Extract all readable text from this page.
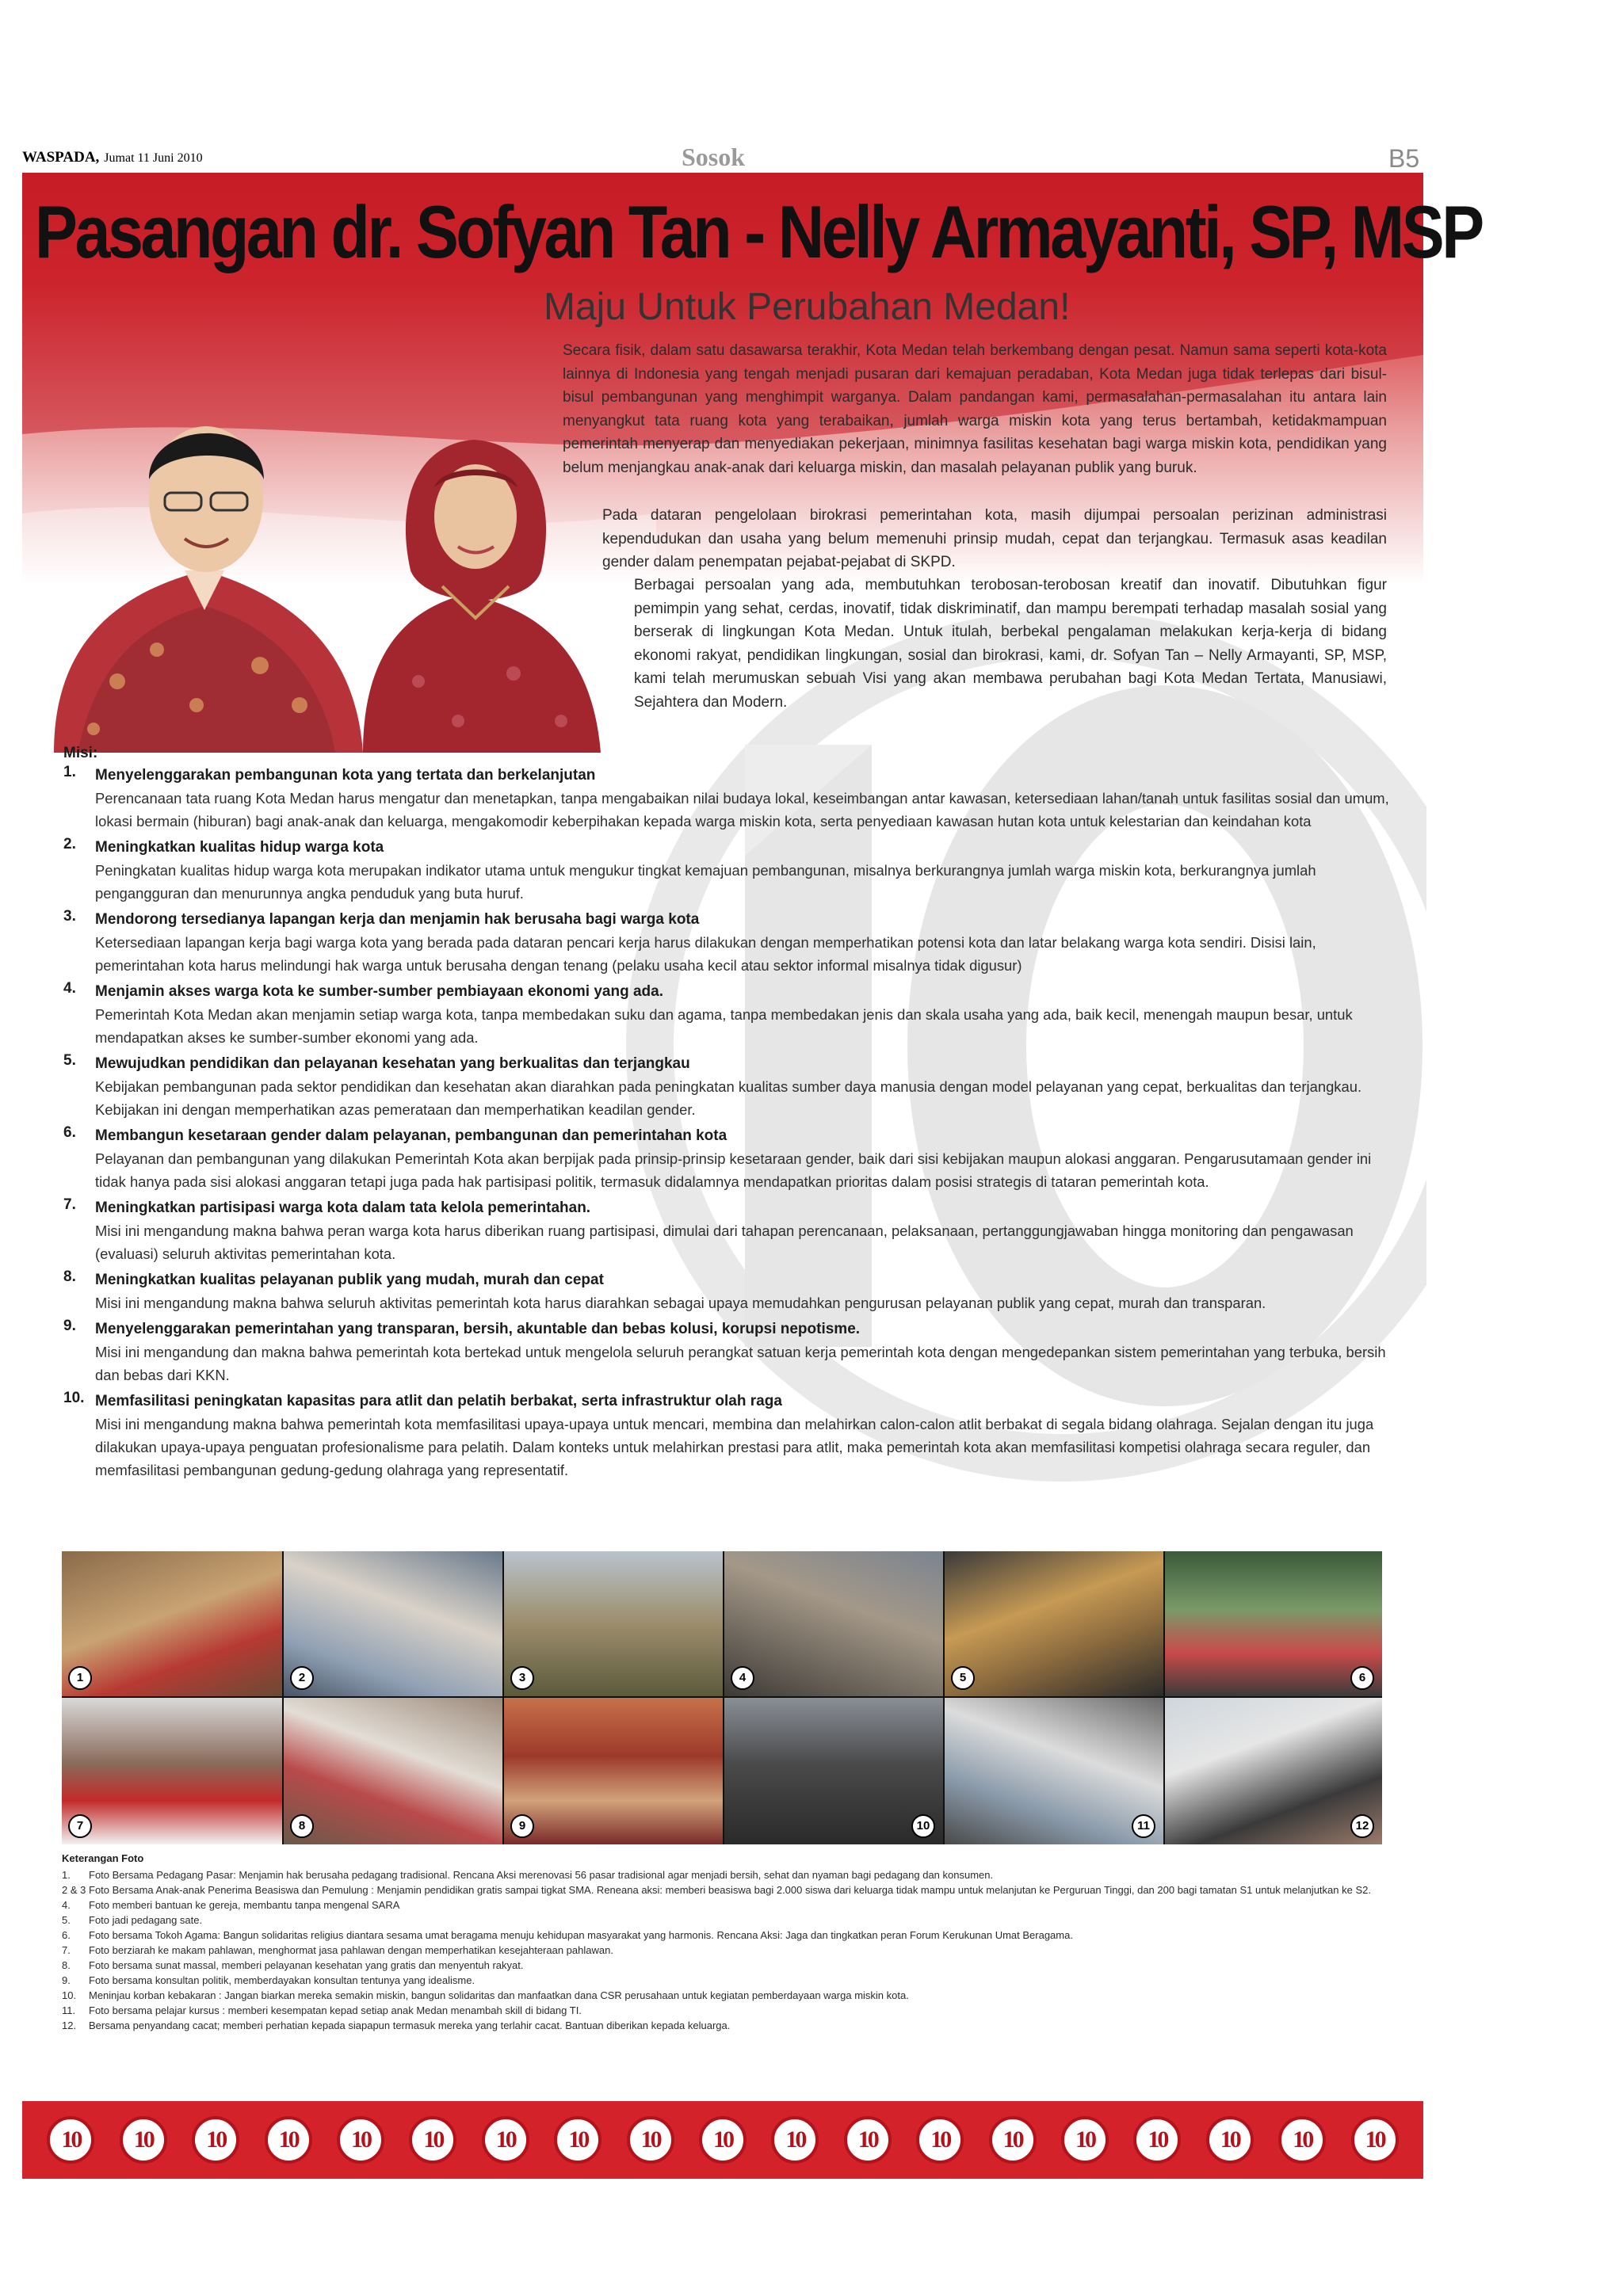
WASPADA, Jumat 11 Juni 2010	Sosok	B5
Pasangan dr. Sofyan Tan - Nelly Armayanti, SP, MSP
Maju Untuk Perubahan Medan!

Secara fisik, dalam satu dasawarsa terakhir, Kota Medan telah berkembang dengan pesat. Namun sama seperti kota-kota lainnya di Indonesia yang tengah menjadi pusaran dari kemajuan peradaban, Kota Medan juga tidak terlepas dari bisul-bisul pembangunan yang menghimpit warganya. Dalam pandangan kami, permasalahan-permasalahan itu antara lain menyangkut tata ruang kota yang terabaikan, jumlah warga miskin kota yang terus bertambah, ketidakmampuan pemerintah menyerap dan menyediakan pekerjaan, minimnya fasilitas kesehatan bagi warga miskin kota, pendidikan yang belum menjangkau anak-anak dari keluarga miskin, dan masalah pelayanan publik yang buruk.

Pada dataran pengelolaan birokrasi pemerintahan kota, masih dijumpai persoalan perizinan administrasi kependudukan dan usaha yang belum memenuhi prinsip mudah, cepat dan terjangkau. Termasuk asas keadilan gender dalam penempatan pejabat-pejabat di SKPD.

Berbagai persoalan yang ada, membutuhkan terobosan-terobosan kreatif dan inovatif. Dibutuhkan figur pemimpin yang sehat, cerdas, inovatif, tidak diskriminatif, dan mampu berempati terhadap masalah sosial yang berserak di lingkungan Kota Medan. Untuk itulah, berbekal pengalaman melakukan kerja-kerja di bidang ekonomi rakyat, pendidikan lingkungan, sosial dan birokrasi, kami, dr. Sofyan Tan – Nelly Armayanti, SP, MSP, kami telah merumuskan sebuah Visi yang akan membawa perubahan bagi Kota Medan Tertata, Manusiawi, Sejahtera dan Modern.

Misi:
1. Menyelenggarakan pembangunan kota yang tertata dan berkelanjutan
Perencanaan tata ruang Kota Medan harus mengatur dan menetapkan, tanpa mengabaikan nilai budaya lokal, keseimbangan antar kawasan, ketersediaan lahan/tanah untuk fasilitas sosial dan umum, lokasi bermain (hiburan) bagi anak-anak dan keluarga, mengakomodir keberpihakan kepada warga miskin kota, serta penyediaan kawasan hutan kota untuk kelestarian dan keindahan kota
2. Meningkatkan kualitas hidup warga kota
Peningkatan kualitas hidup warga kota merupakan indikator utama untuk mengukur tingkat kemajuan pembangunan, misalnya berkurangnya jumlah warga miskin kota, berkurangnya jumlah pengangguran dan menurunnya angka penduduk yang buta huruf.
3. Mendorong tersedianya lapangan kerja dan menjamin hak berusaha bagi warga kota
Ketersediaan lapangan kerja bagi warga kota yang berada pada dataran pencari kerja harus dilakukan dengan memperhatikan potensi kota dan latar belakang warga kota sendiri. Disisi lain, pemerintahan kota harus melindungi hak warga untuk berusaha dengan tenang (pelaku usaha kecil atau sektor informal misalnya tidak digusur)
4. Menjamin akses warga kota ke sumber-sumber pembiayaan ekonomi yang ada.
Pemerintah Kota Medan akan menjamin setiap warga kota, tanpa membedakan suku dan agama, tanpa membedakan jenis dan skala usaha yang ada, baik kecil, menengah maupun besar, untuk mendapatkan akses ke sumber-sumber ekonomi yang ada.
5. Mewujudkan pendidikan dan pelayanan kesehatan yang berkualitas dan terjangkau
Kebijakan pembangunan pada sektor pendidikan dan kesehatan akan diarahkan pada peningkatan kualitas sumber daya manusia dengan model pelayanan yang cepat, berkualitas dan terjangkau. Kebijakan ini dengan memperhatikan azas pemerataan dan memperhatikan keadilan gender.
6. Membangun kesetaraan gender dalam pelayanan, pembangunan dan pemerintahan kota
Pelayanan dan pembangunan yang dilakukan Pemerintah Kota akan berpijak pada prinsip-prinsip kesetaraan gender, baik dari sisi kebijakan maupun alokasi anggaran. Pengarusutamaan gender ini tidak hanya pada sisi alokasi anggaran tetapi juga pada hak partisipasi politik, termasuk didalamnya mendapatkan prioritas dalam posisi strategis di tataran pemerintah kota.
7. Meningkatkan partisipasi warga kota dalam tata kelola pemerintahan.
Misi ini mengandung makna bahwa peran warga kota harus diberikan ruang partisipasi, dimulai dari tahapan perencanaan, pelaksanaan, pertanggungjawaban hingga monitoring dan pengawasan (evaluasi) seluruh aktivitas pemerintahan kota.
8. Meningkatkan kualitas pelayanan publik yang mudah, murah dan cepat
Misi ini mengandung makna bahwa seluruh aktivitas pemerintah kota harus diarahkan sebagai upaya memudahkan pengurusan pelayanan publik yang cepat, murah dan transparan.
9. Menyelenggarakan pemerintahan yang transparan, bersih, akuntable dan bebas kolusi, korupsi nepotisme.
Misi ini mengandung dan makna bahwa pemerintah kota bertekad untuk mengelola seluruh perangkat satuan kerja pemerintah kota dengan mengedepankan sistem pemerintahan yang terbuka, bersih dan bebas dari KKN.
10. Memfasilitasi peningkatan kapasitas para atlit dan pelatih berbakat, serta infrastruktur olah raga
Misi ini mengandung makna bahwa pemerintah kota memfasilitasi upaya-upaya untuk mencari, membina dan melahirkan calon-calon atlit berbakat di segala bidang olahraga. Sejalan dengan itu juga dilakukan upaya-upaya penguatan profesionalisme para pelatih. Dalam konteks untuk melahirkan prestasi para atlit, maka pemerintah kota akan memfasilitasi kompetisi olahraga secara reguler, dan memfasilitasi pembangunan gedung-gedung olahraga yang representatif.
1	2	3	4	5	6
7	8	9	10	11	12
Keterangan Foto
1. Foto Bersama Pedagang Pasar: Menjamin hak berusaha pedagang tradisional. Rencana Aksi merenovasi 56 pasar tradisional agar menjadi bersih, sehat dan nyaman bagi pedagang dan konsumen.
2 & 3 Foto Bersama Anak-anak Penerima Beasiswa dan Pemulung : Menjamin pendidikan gratis sampai tigkat SMA. Reneana aksi: memberi beasiswa bagi 2.000 siswa dari keluarga tidak mampu untuk melanjutan ke Perguruan Tinggi, dan 200 bagi tamatan S1 untuk melanjutkan ke S2.
4. Foto memberi bantuan ke gereja, membantu tanpa mengenal SARA
5. Foto jadi pedagang sate.
6. Foto bersama Tokoh Agama: Bangun solidaritas religius diantara sesama umat beragama menuju kehidupan masyarakat yang harmonis. Rencana Aksi: Jaga dan tingkatkan peran Forum Kerukunan Umat Beragama.
7. Foto berziarah ke makam pahlawan, menghormat jasa pahlawan dengan memperhatikan kesejahteraan pahlawan.
8. Foto bersama sunat massal, memberi pelayanan kesehatan yang gratis dan menyentuh rakyat.
9. Foto bersama konsultan politik, memberdayakan konsultan tentunya yang idealisme.
10. Meninjau korban kebakaran : Jangan biarkan mereka semakin miskin, bangun solidaritas dan manfaatkan dana CSR perusahaan untuk kegiatan pemberdayaan warga miskin kota.
11. Foto bersama pelajar kursus : memberi kesempatan kepad setiap anak Medan menambah skill di bidang TI.
12. Bersama penyandang cacat; memberi perhatian kepada siapapun termasuk mereka yang terlahir cacat. Bantuan diberikan kepada keluarga.
10	10	10	10	10	10	10	10	10	10	10	10	10	10	10	10	10	10	10
